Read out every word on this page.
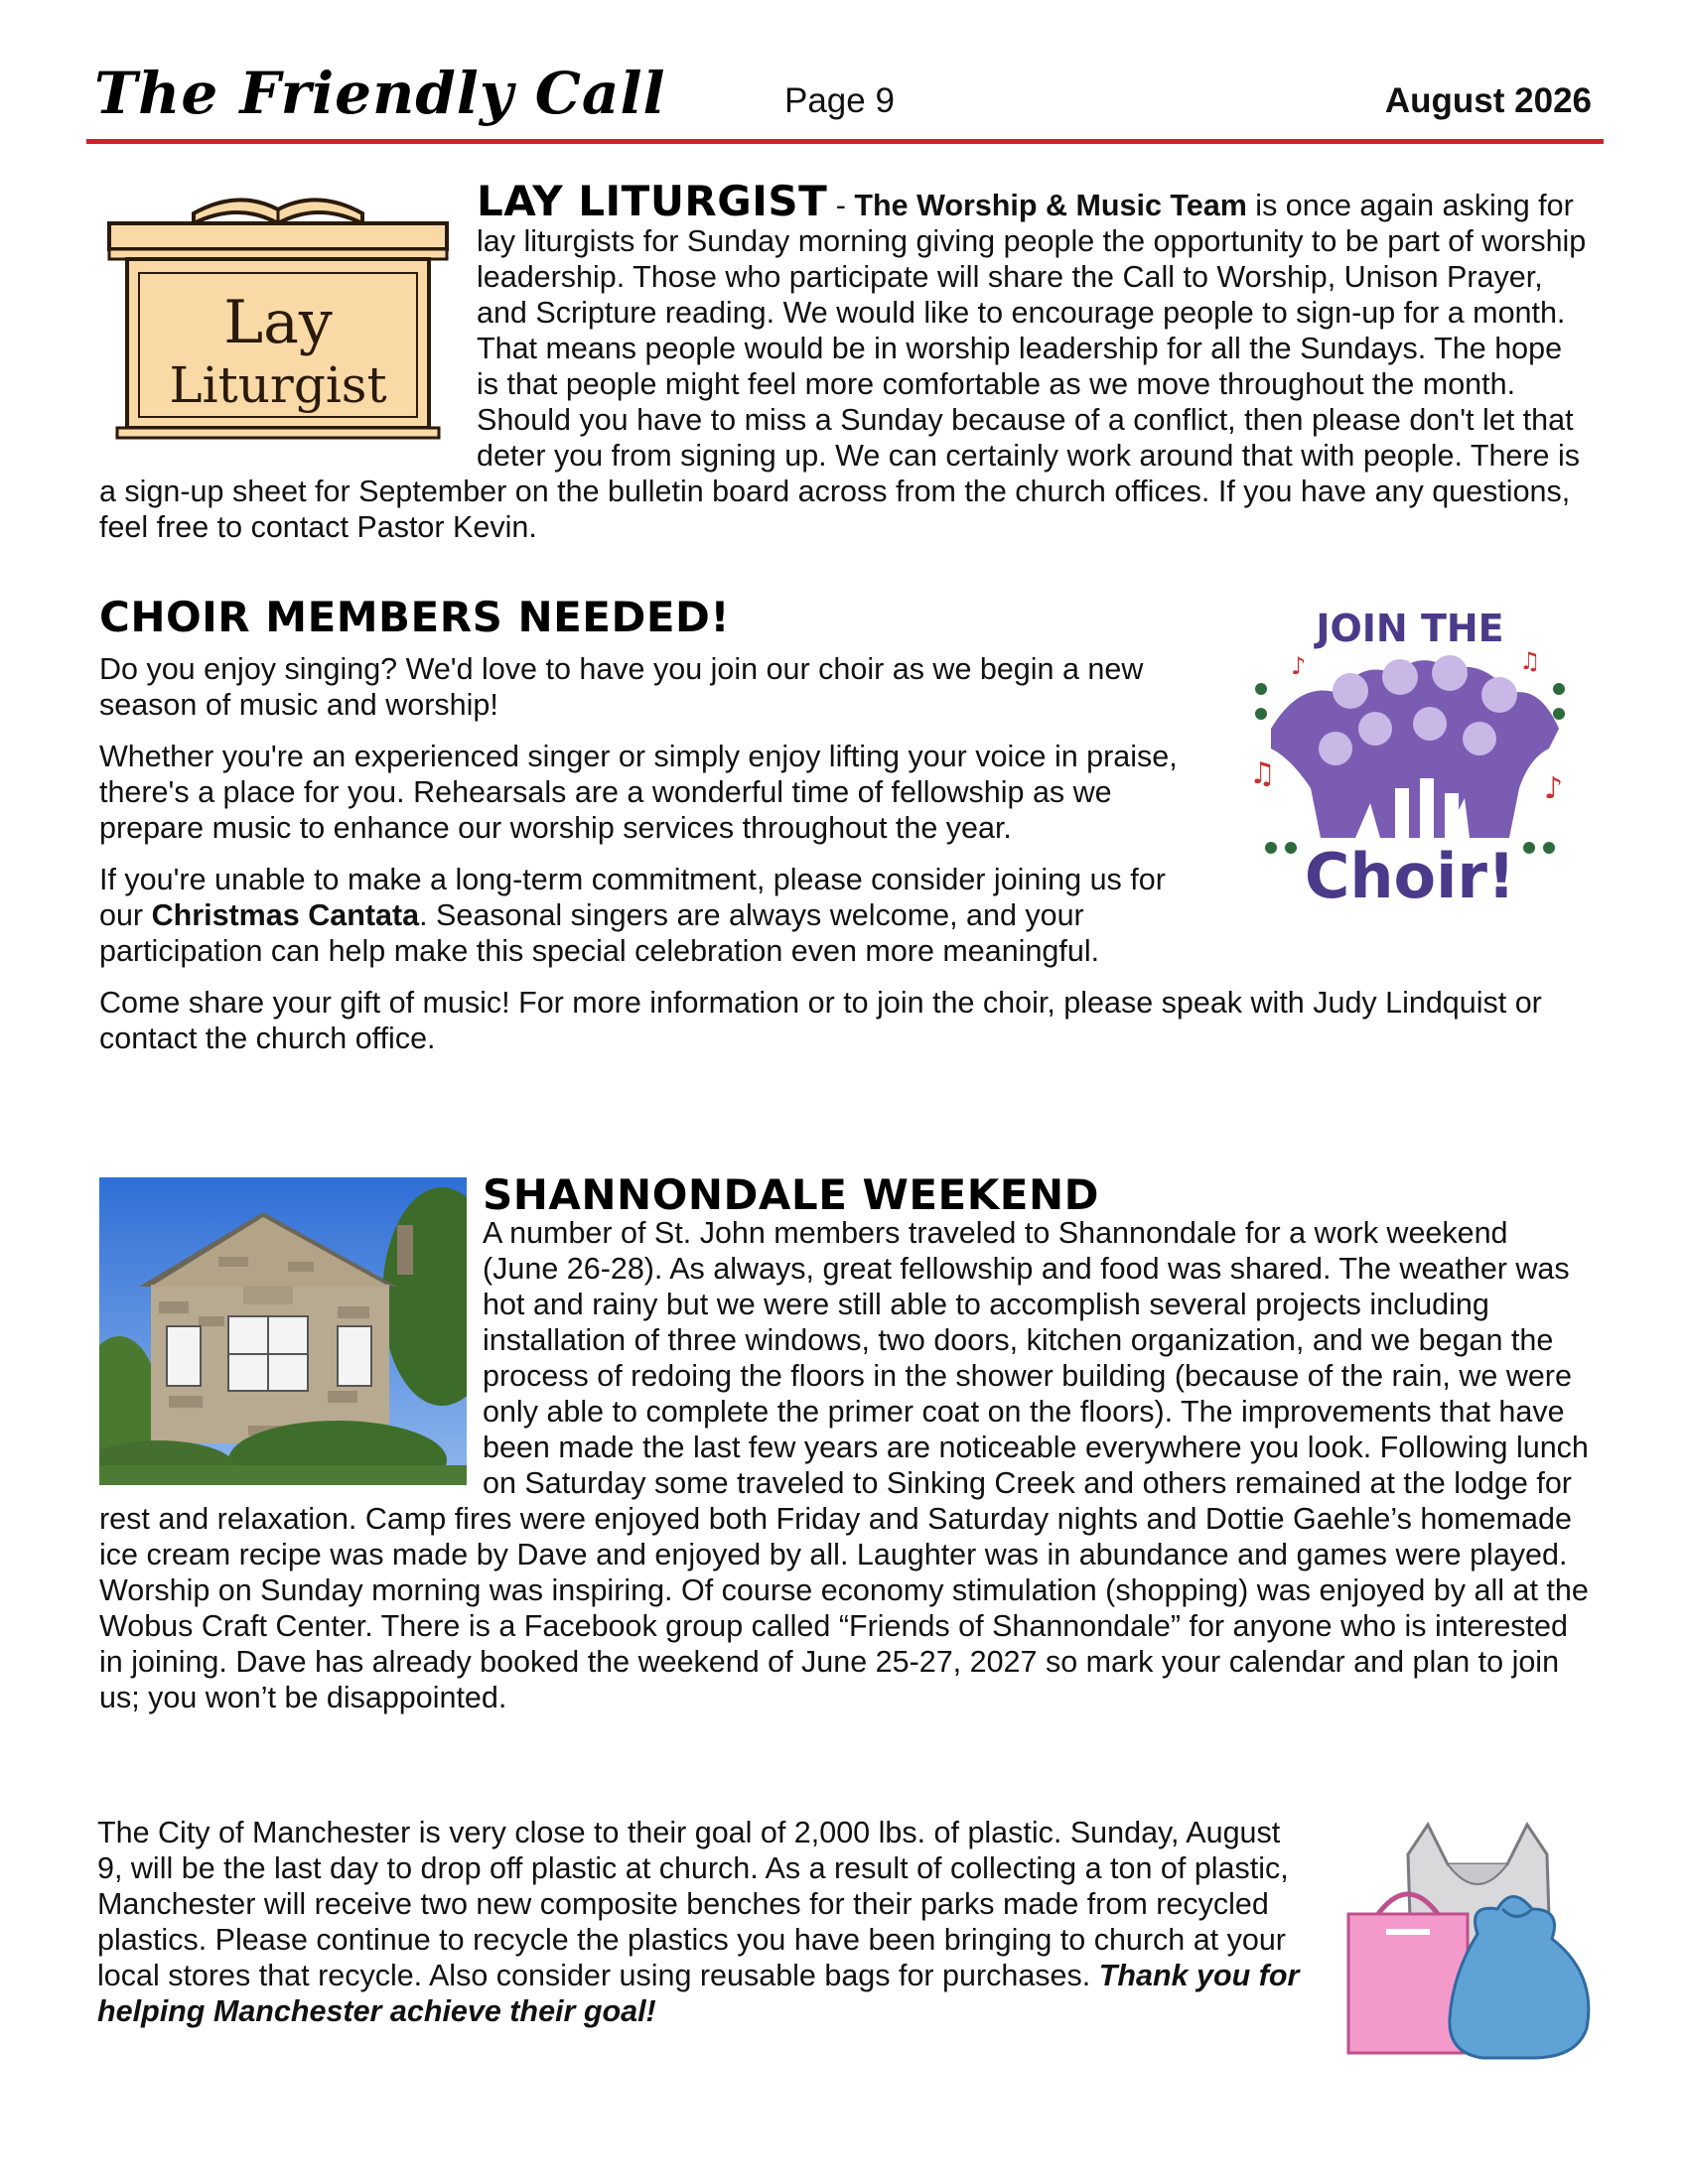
The Friendly Call	Page 9	August 2026
Lay
Liturgist

LAY LITURGIST - The Worship & Music Team is once again asking for lay liturgists for Sunday morning giving people the opportunity to be part of worship leadership. Those who participate will share the Call to Worship, Unison Prayer, and Scripture reading. We would like to encourage people to sign-up for a month. That means people would be in worship leadership for all the Sundays. The hope is that people might feel more comfortable as we move throughout the month. Should you have to miss a Sunday because of a conflict, then please don't let that deter you from signing up. We can certainly work around that with people. There is a sign-up sheet for September on the bulletin board across from the church offices. If you have any questions, feel free to contact Pastor Kevin.

JOIN THE
♫	♪
♪	♫
Choir!
CHOIR MEMBERS NEEDED!

Do you enjoy singing? We'd love to have you join our choir as we begin a new season of music and worship!

Whether you're an experienced singer or simply enjoy lifting your voice in praise, there's a place for you. Rehearsals are a wonderful time of fellowship as we prepare music to enhance our worship services throughout the year.

If you're unable to make a long-term commitment, please consider joining us for our Christmas Cantata. Seasonal singers are always welcome, and your participation can help make this special celebration even more meaningful.

Come share your gift of music! For more information or to join the choir, please speak with Judy Lindquist or contact the church office.

SHANNONDALE WEEKEND

A number of St. John members traveled to Shannondale for a work weekend (June 26-28). As always, great fellowship and food was shared. The weather was hot and rainy but we were still able to accomplish several projects including installation of three windows, two doors, kitchen organization, and we began the process of redoing the floors in the shower building (because of the rain, we were only able to complete the primer coat on the floors). The improvements that have been made the last few years are noticeable everywhere you look. Following lunch on Saturday some traveled to Sinking Creek and others remained at the lodge for rest and relaxation. Camp fires were enjoyed both Friday and Saturday nights and Dottie Gaehle’s homemade ice cream recipe was made by Dave and enjoyed by all. Laughter was in abundance and games were played. Worship on Sunday morning was inspiring. Of course economy stimulation (shopping) was enjoyed by all at the Wobus Craft Center. There is a Facebook group called “Friends of Shannondale” for anyone who is interested in joining. Dave has already booked the weekend of June 25-27, 2027 so mark your calendar and plan to join us; you won’t be disappointed.

The City of Manchester is very close to their goal of 2,000 lbs. of plastic. Sunday, August 9, will be the last day to drop off plastic at church. As a result of collecting a ton of plastic, Manchester will receive two new composite benches for their parks made from recycled plastics. Please continue to recycle the plastics you have been bringing to church at your local stores that recycle. Also consider using reusable bags for purchases. Thank you for helping Manchester achieve their goal!
